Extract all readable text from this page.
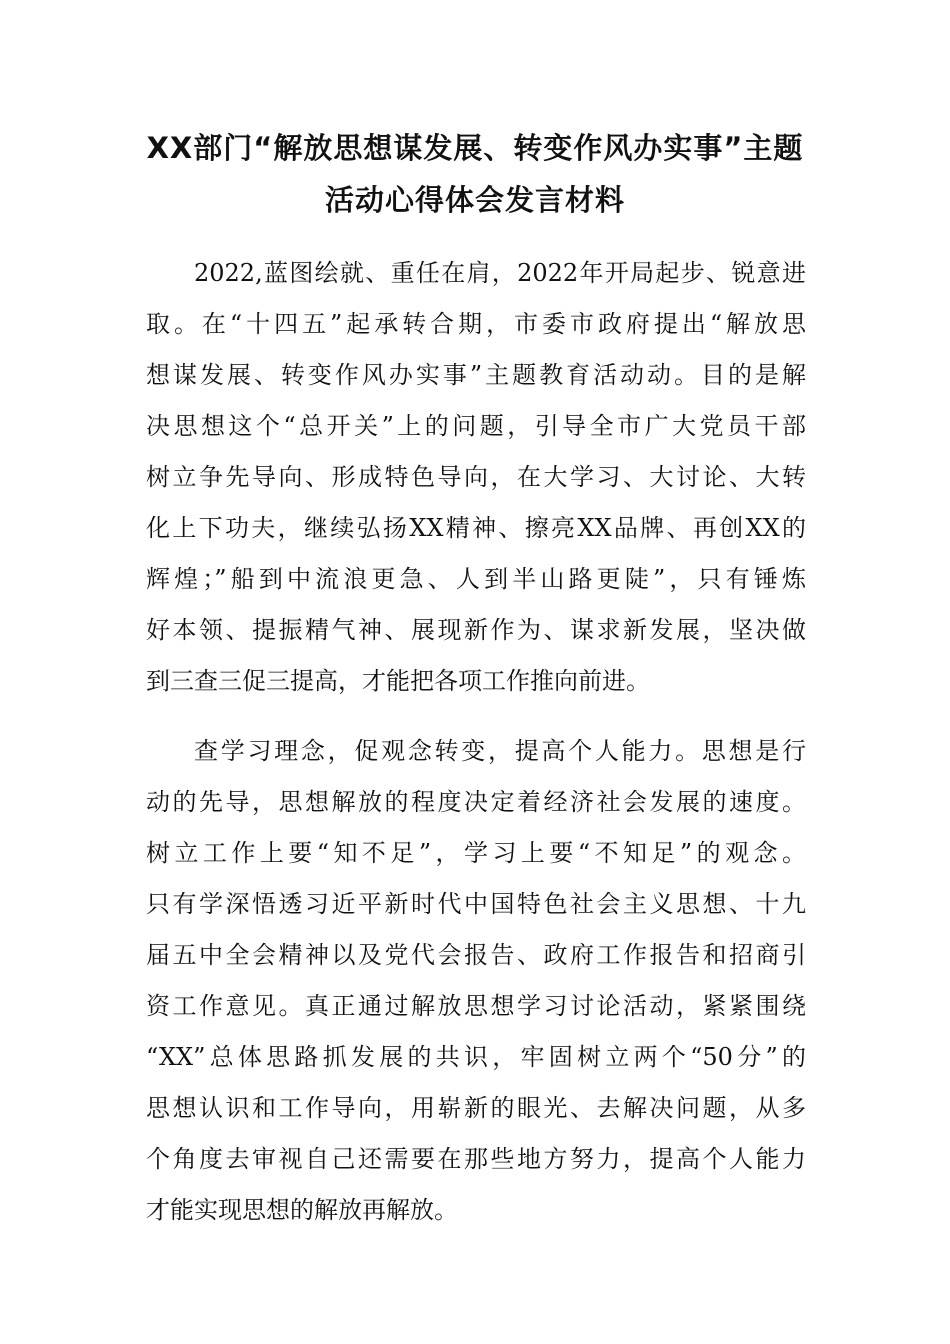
XX部门“解放思想谋发展、转变作风办实事”主题
活动心得体会发言材料
2022,蓝图绘就、重任在肩，2022年开局起步、锐意进
取。在“十四五”起承转合期，市委市政府提出“解放思
想谋发展、转变作风办实事”主题教育活动动。目的是解
决思想这个“总开关”上的问题，引导全市广大党员干部
树立争先导向、形成特色导向，在大学习、大讨论、大转
化上下功夫，继续弘扬XX精神、擦亮XX品牌、再创XX的
辉煌；”船到中流浪更急、人到半山路更陡”，只有锤炼
好本领、提振精气神、展现新作为、谋求新发展，坚决做
到三查三促三提高，才能把各项工作推向前进。
查学习理念，促观念转变，提高个人能力。思想是行
动的先导，思想解放的程度决定着经济社会发展的速度。
树立工作上要“知不足”，学习上要“不知足”的观念。
只有学深悟透习近平新时代中国特色社会主义思想、十九
届五中全会精神以及党代会报告、政府工作报告和招商引
资工作意见。真正通过解放思想学习讨论活动，紧紧围绕
“XX”总体思路抓发展的共识，牢固树立两个“50分”的
思想认识和工作导向，用崭新的眼光、去解决问题，从多
个角度去审视自己还需要在那些地方努力，提高个人能力
才能实现思想的解放再解放。
